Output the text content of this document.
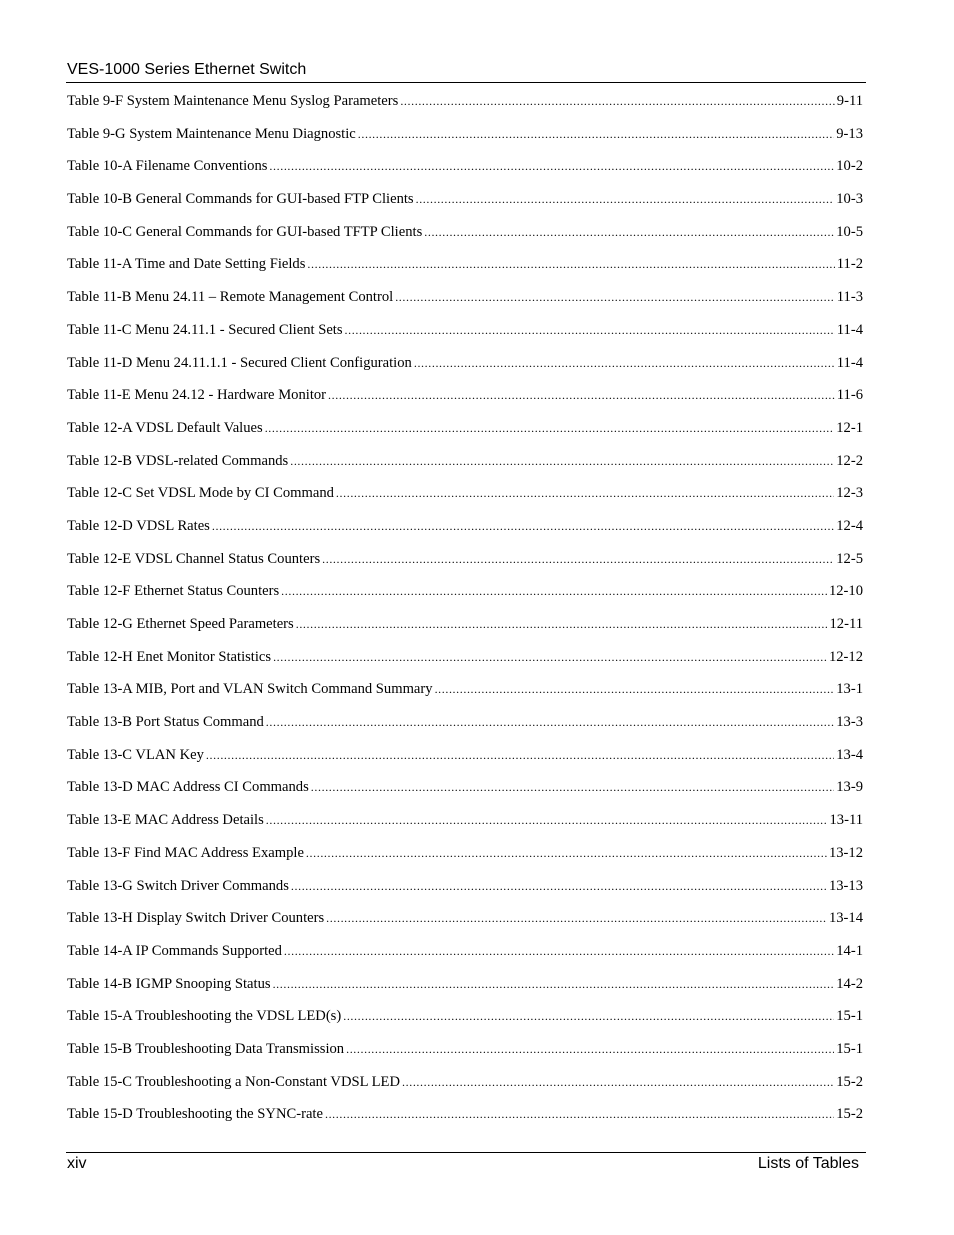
VES-1000 Series Ethernet Switch
Table 9-F System Maintenance Menu Syslog Parameters .....	9-11
Table 9-G System Maintenance Menu Diagnostic .....	9-13
Table 10-A Filename Conventions .....	10-2
Table 10-B General Commands for GUI-based FTP Clients .....	10-3
Table 10-C General Commands for GUI-based TFTP Clients .....	10-5
Table 11-A Time and Date Setting Fields .....	11-2
Table 11-B Menu 24.11 – Remote Management Control .....	11-3
Table 11-C Menu 24.11.1 - Secured Client Sets .....	11-4
Table 11-D Menu 24.11.1.1 - Secured Client Configuration .....	11-4
Table 11-E Menu 24.12 - Hardware Monitor .....	11-6
Table 12-A VDSL Default Values .....	12-1
Table 12-B VDSL-related Commands .....	12-2
Table 12-C Set VDSL Mode by CI Command .....	12-3
Table 12-D VDSL Rates .....	12-4
Table 12-E VDSL Channel Status Counters .....	12-5
Table 12-F Ethernet Status Counters .....	12-10
Table 12-G Ethernet Speed Parameters .....	12-11
Table 12-H Enet Monitor Statistics .....	12-12
Table 13-A MIB, Port and VLAN Switch Command Summary .....	13-1
Table 13-B Port Status Command .....	13-3
Table 13-C VLAN Key .....	13-4
Table 13-D MAC Address CI Commands .....	13-9
Table 13-E MAC Address Details .....	13-11
Table 13-F Find MAC Address Example .....	13-12
Table 13-G Switch Driver Commands .....	13-13
Table 13-H Display Switch Driver Counters .....	13-14
Table 14-A IP Commands Supported .....	14-1
Table 14-B IGMP Snooping Status .....	14-2
Table 15-A Troubleshooting the VDSL LED(s) .....	15-1
Table 15-B Troubleshooting Data Transmission .....	15-1
Table 15-C Troubleshooting a Non-Constant VDSL LED .....	15-2
Table 15-D Troubleshooting the SYNC-rate .....	15-2
xiv	Lists of Tables
